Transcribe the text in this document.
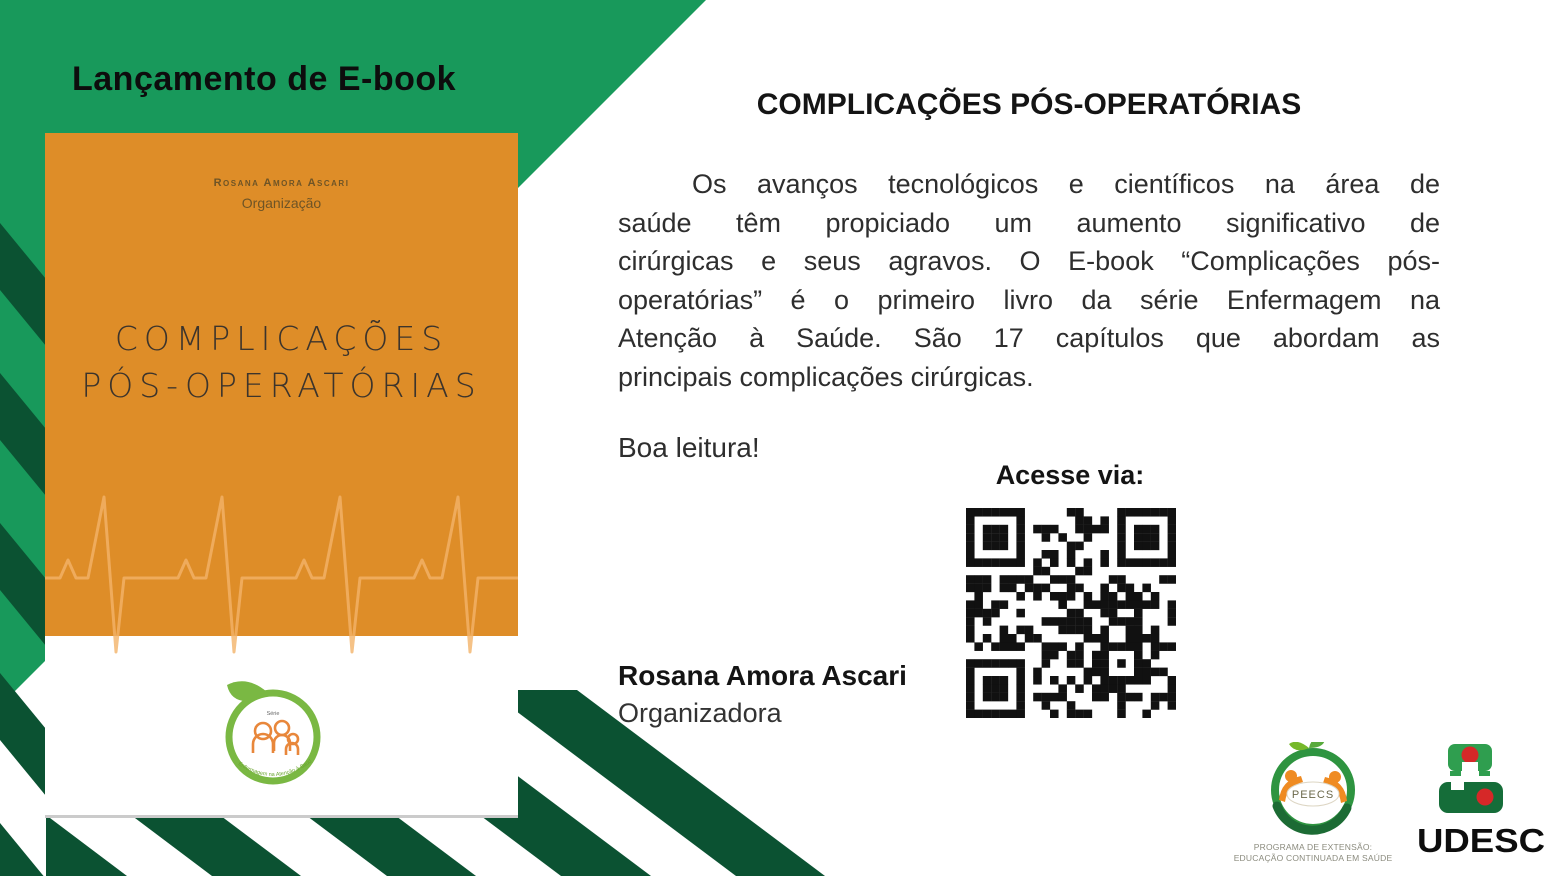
Lançamento de E-book
Rosana Amora Ascari
Organização
COMPLICAÇÕES
PÓS-OPERATÓRIAS
Série
Enfermagem na Atenção à Saúde
COMPLICAÇÕES PÓS-OPERATÓRIAS
Os avanços tecnológicos e científicos na área de
saúde têm propiciado um aumento significativo de
cirúrgicas e seus agravos. O E-book “Complicações pós-
operatórias” é o primeiro livro da série Enfermagem na
Atenção à Saúde. São 17 capítulos que abordam as
principais complicações cirúrgicas.
Boa leitura!
Acesse via:
Rosana Amora Ascari
Organizadora
PEECS
PROGRAMA DE EXTENSÃO:
EDUCAÇÃO CONTINUADA EM SAÚDE UDESC
